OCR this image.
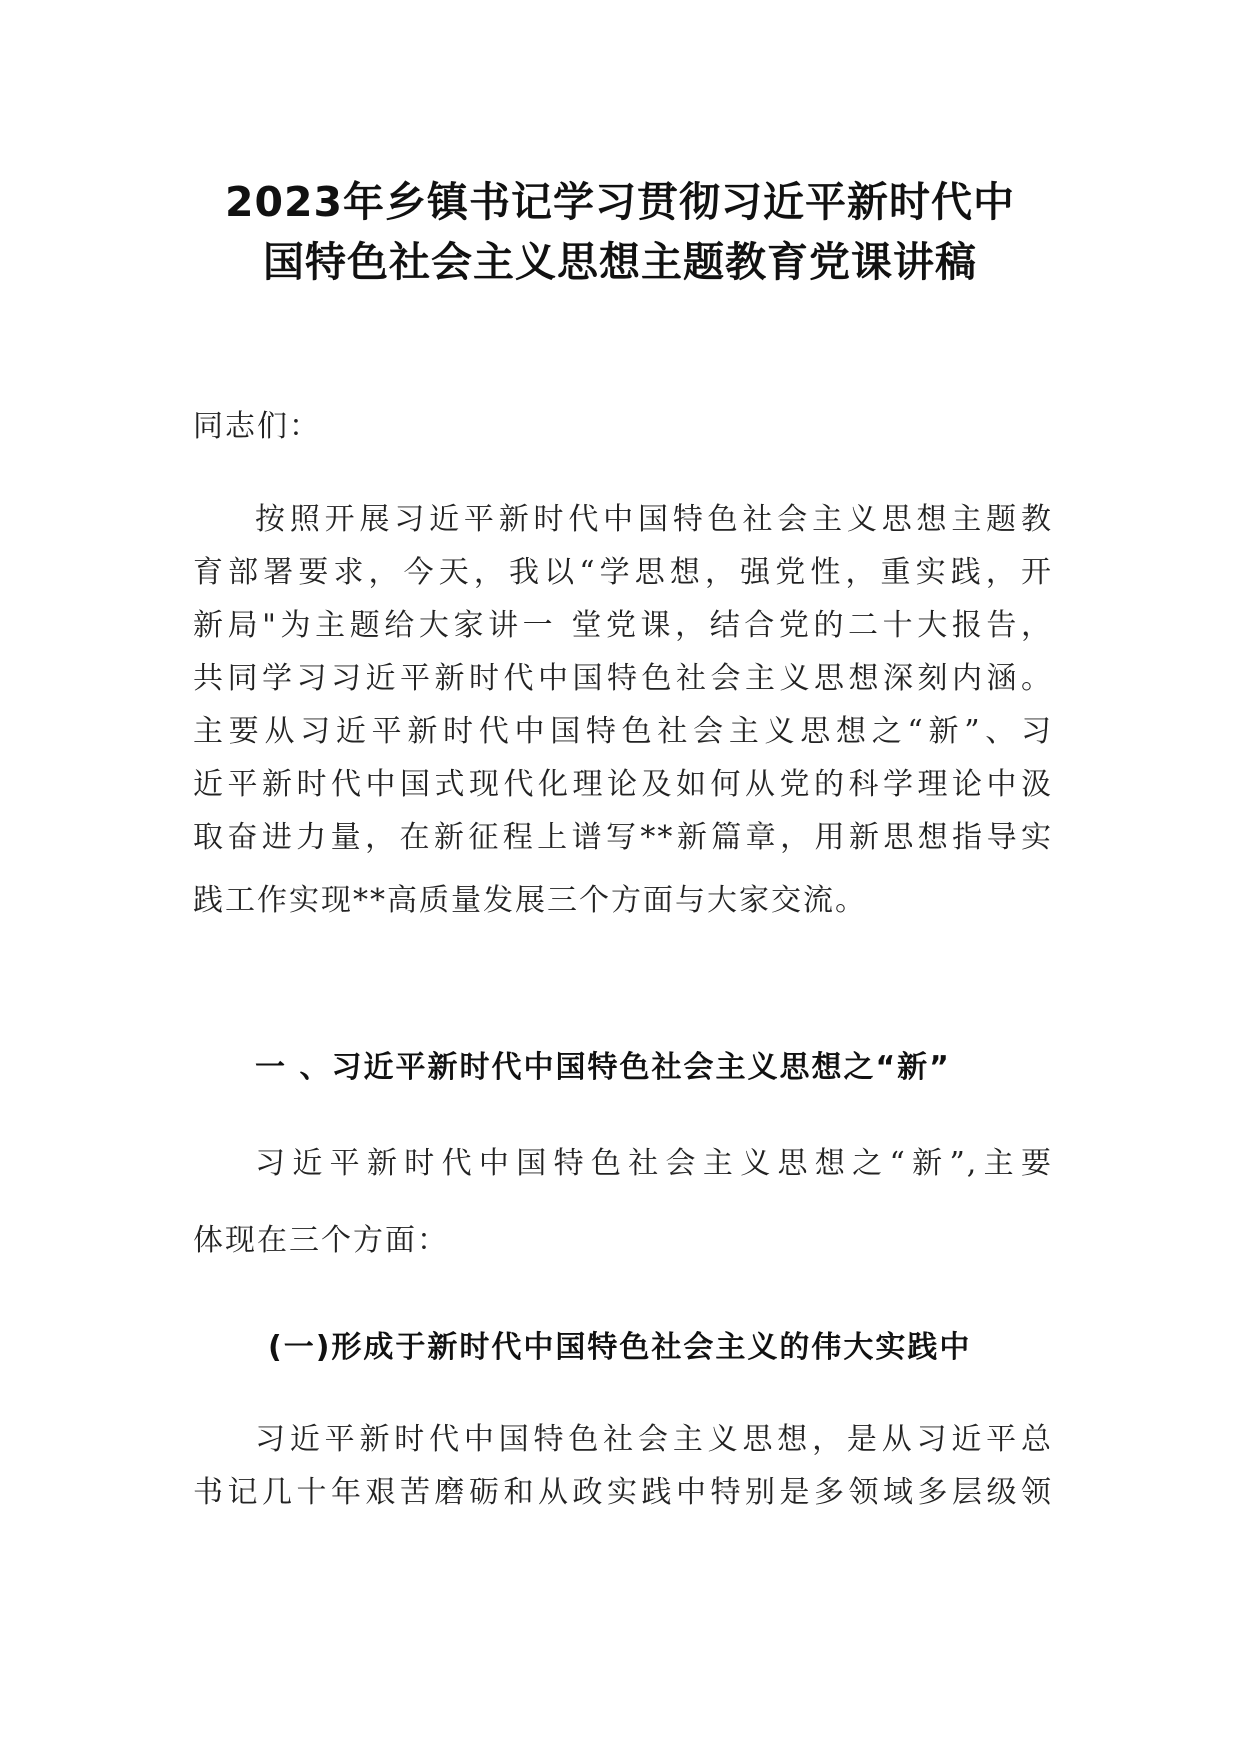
2023年乡镇书记学习贯彻习近平新时代中
国特色社会主义思想主题教育党课讲稿
同志们：
按照开展习近平新时代中国特色社会主义思想主题教
育部署要求，今天，我以“学思想，强党性，重实践，开
新局"为主题给大家讲一 堂党课，结合党的二十大报告，
共同学习习近平新时代中国特色社会主义思想深刻内涵。
主要从习近平新时代中国特色社会主义思想之“新”、习
近平新时代中国式现代化理论及如何从党的科学理论中汲
取奋进力量，在新征程上谱写**新篇章，用新思想指导实
践工作实现**高质量发展三个方面与大家交流。
一 、习近平新时代中国特色社会主义思想之“新”
习近平新时代中国特色社会主义思想之“新”,主要
体现在三个方面：
(一)形成于新时代中国特色社会主义的伟大实践中
习近平新时代中国特色社会主义思想，是从习近平总
书记几十年艰苦磨砺和从政实践中特别是多领域多层级领
